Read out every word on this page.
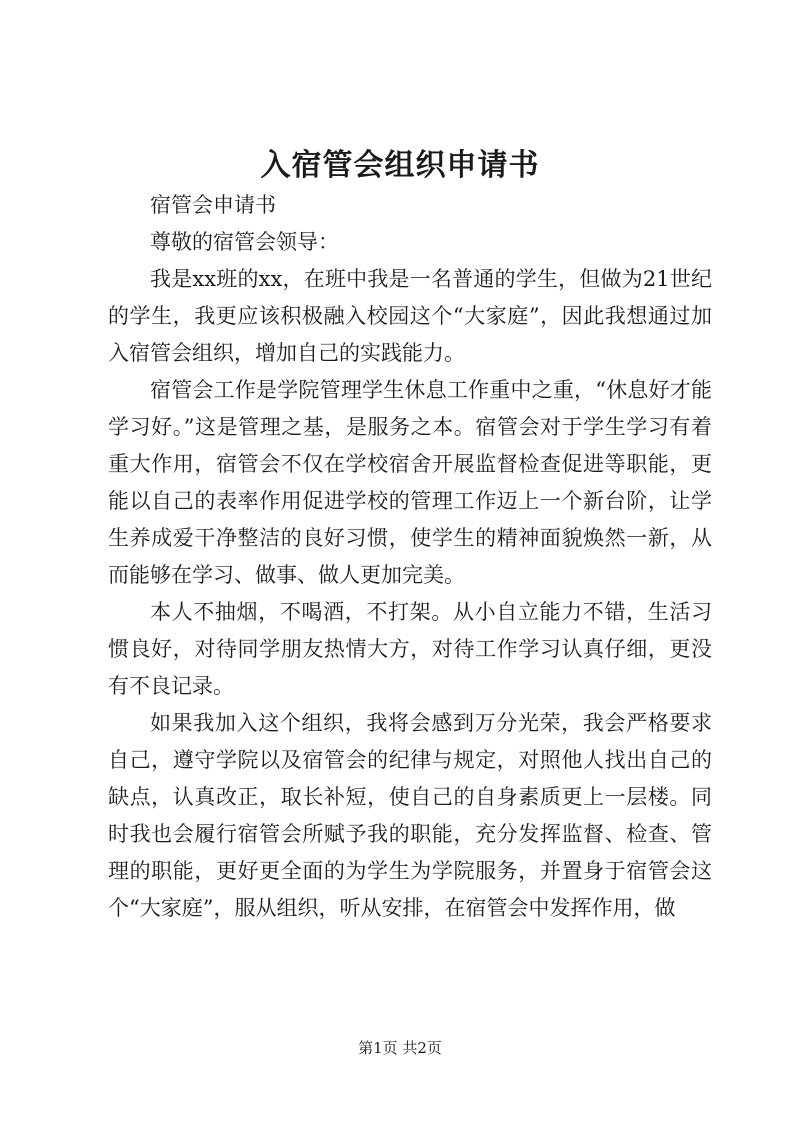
入宿管会组织申请书

宿管会申请书

尊敬的宿管会领导：

我是xx班的xx，在班中我是一名普通的学生，但做为21世纪的学生，我更应该积极融入校园这个“大家庭”，因此我想通过加入宿管会组织，增加自己的实践能力。

宿管会工作是学院管理学生休息工作重中之重，“休息好才能学习好。”这是管理之基，是服务之本。宿管会对于学生学习有着重大作用，宿管会不仅在学校宿舍开展监督检查促进等职能，更能以自己的表率作用促进学校的管理工作迈上一个新台阶，让学生养成爱干净整洁的良好习惯，使学生的精神面貌焕然一新，从而能够在学习、做事、做人更加完美。

本人不抽烟，不喝酒，不打架。从小自立能力不错，生活习惯良好，对待同学朋友热情大方，对待工作学习认真仔细，更没有不良记录。

如果我加入这个组织，我将会感到万分光荣，我会严格要求自己，遵守学院以及宿管会的纪律与规定，对照他人找出自己的缺点，认真改正，取长补短，使自己的自身素质更上一层楼。同时我也会履行宿管会所赋予我的职能，充分发挥监督、检查、管理的职能，更好更全面的为学生为学院服务，并置身于宿管会这个“大家庭”，服从组织，听从安排，在宿管会中发挥作用，做

第1页 共2页
